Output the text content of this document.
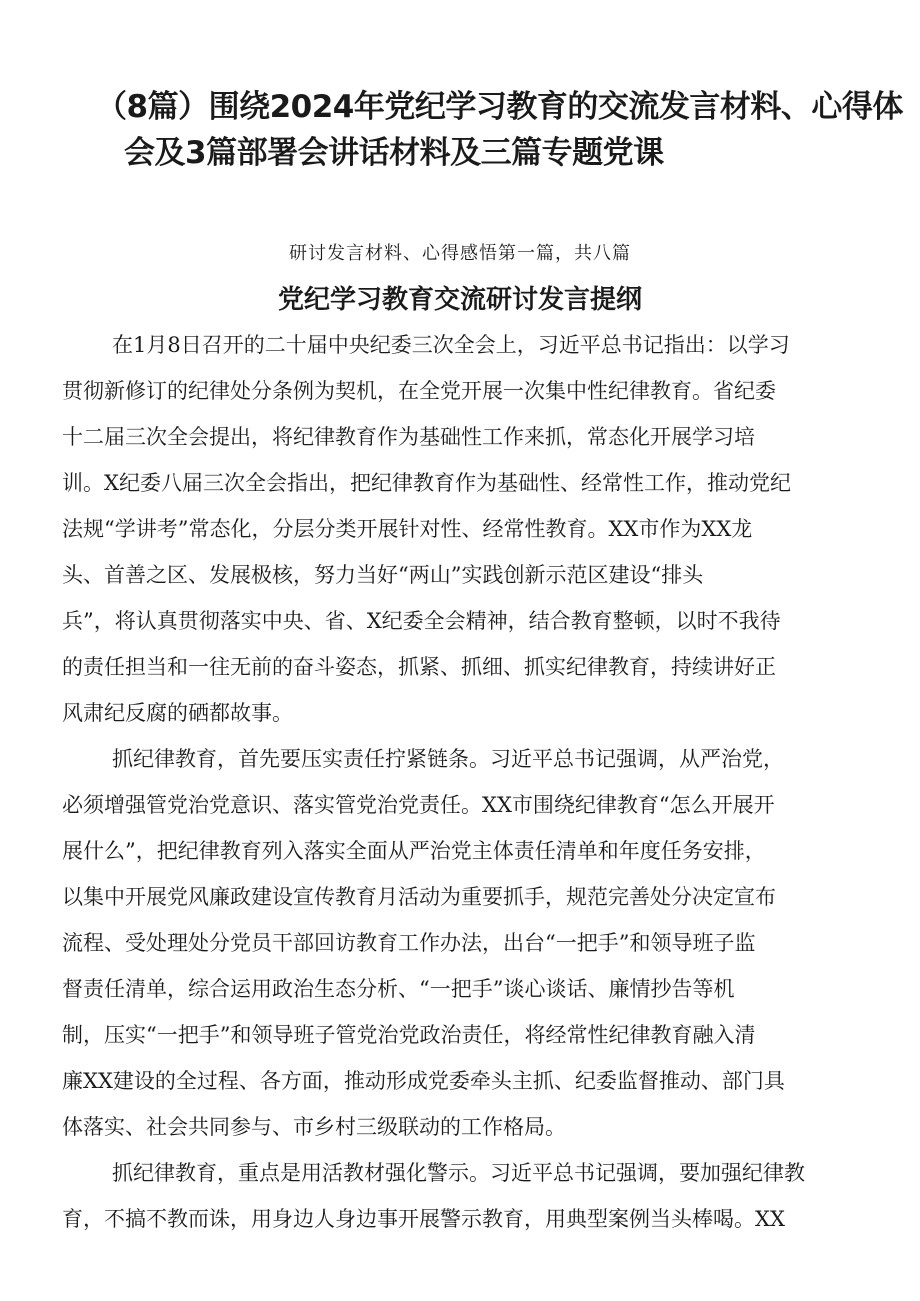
（8篇）围绕2024年党纪学习教育的交流发言材料、心得体
会及3篇部署会讲话材料及三篇专题党课
研讨发言材料、心得感悟第一篇，共八篇
党纪学习教育交流研讨发言提纲
在1月8日召开的二十届中央纪委三次全会上，习近平总书记指出：以学习
贯彻新修订的纪律处分条例为契机，在全党开展一次集中性纪律教育。省纪委
十二届三次全会提出，将纪律教育作为基础性工作来抓，常态化开展学习培
训。X纪委八届三次全会指出，把纪律教育作为基础性、经常性工作，推动党纪
法规“学讲考”常态化，分层分类开展针对性、经常性教育。XX市作为XX龙
头、首善之区、发展极核，努力当好“两山”实践创新示范区建设“排头
兵”，将认真贯彻落实中央、省、X纪委全会精神，结合教育整顿，以时不我待
的责任担当和一往无前的奋斗姿态，抓紧、抓细、抓实纪律教育，持续讲好正
风肃纪反腐的硒都故事。
抓纪律教育，首先要压实责任拧紧链条。习近平总书记强调，从严治党，
必须增强管党治党意识、落实管党治党责任。XX市围绕纪律教育“怎么开展开
展什么”，把纪律教育列入落实全面从严治党主体责任清单和年度任务安排，
以集中开展党风廉政建设宣传教育月活动为重要抓手，规范完善处分决定宣布
流程、受处理处分党员干部回访教育工作办法，出台“一把手”和领导班子监
督责任清单，综合运用政治生态分析、“一把手”谈心谈话、廉情抄告等机
制，压实“一把手”和领导班子管党治党政治责任，将经常性纪律教育融入清
廉XX建设的全过程、各方面，推动形成党委牵头主抓、纪委监督推动、部门具
体落实、社会共同参与、市乡村三级联动的工作格局。
抓纪律教育，重点是用活教材强化警示。习近平总书记强调，要加强纪律教
育，不搞不教而诛，用身边人身边事开展警示教育，用典型案例当头棒喝。XX
